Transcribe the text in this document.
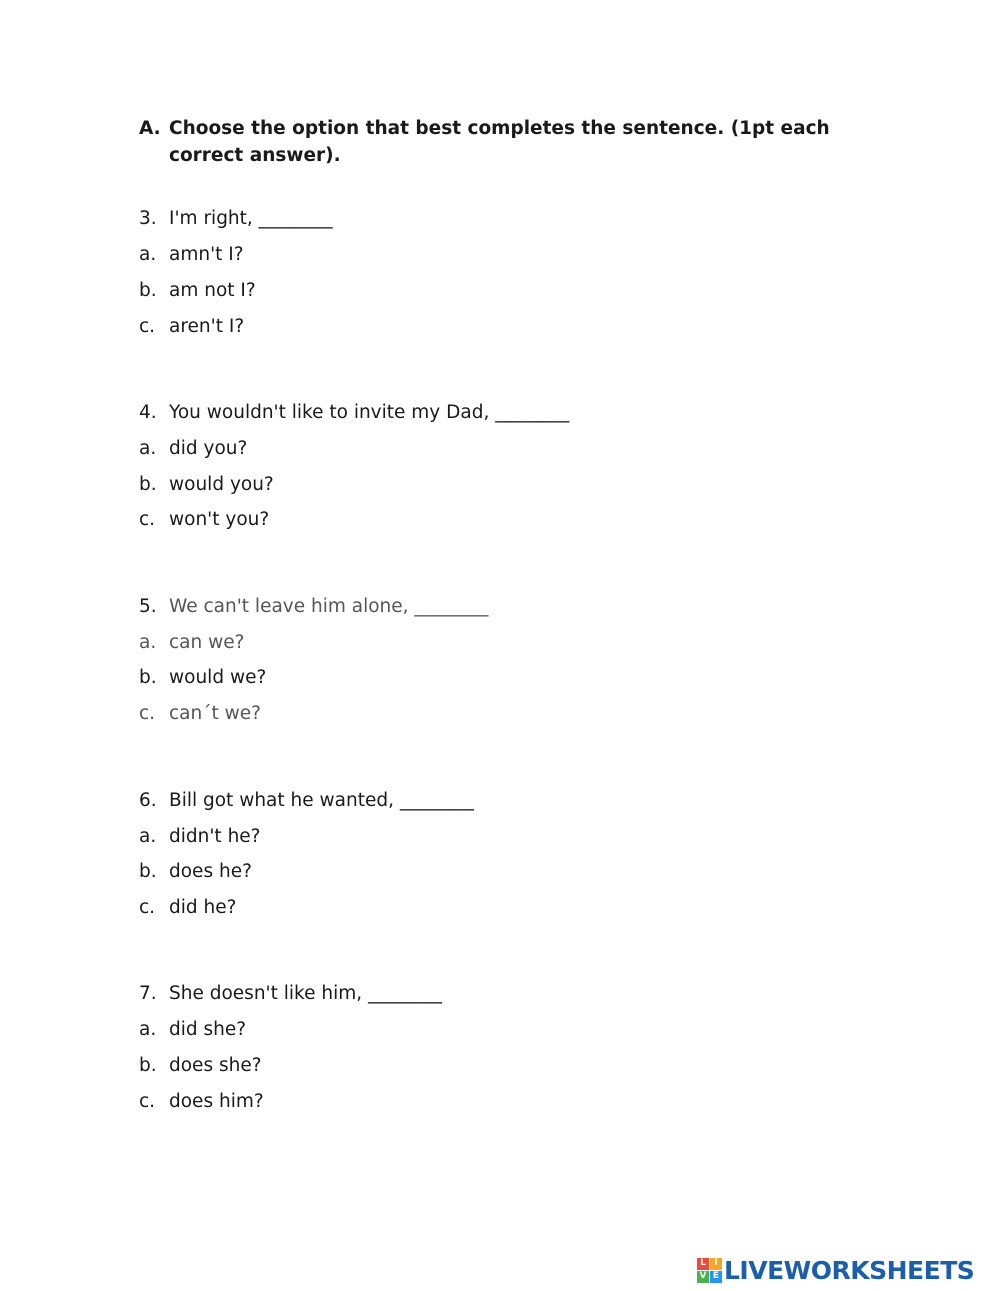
A. Choose the option that best completes the sentence. (1pt each correct answer).
3. I'm right, ________
a. amn't I?
b. am not I?
c. aren't I?
4. You wouldn't like to invite my Dad, ________
a. did you?
b. would you?
c. won't you?
5. We can't leave him alone, ________
a. can we?
b. would we?
c. can´t we?
6. Bill got what he wanted, ________
a. didn't he?
b. does he?
c. did he?
7. She doesn't like him, ________
a. did she?
b. does she?
c. does him?
L I
V E LIVEWORKSHEETS
